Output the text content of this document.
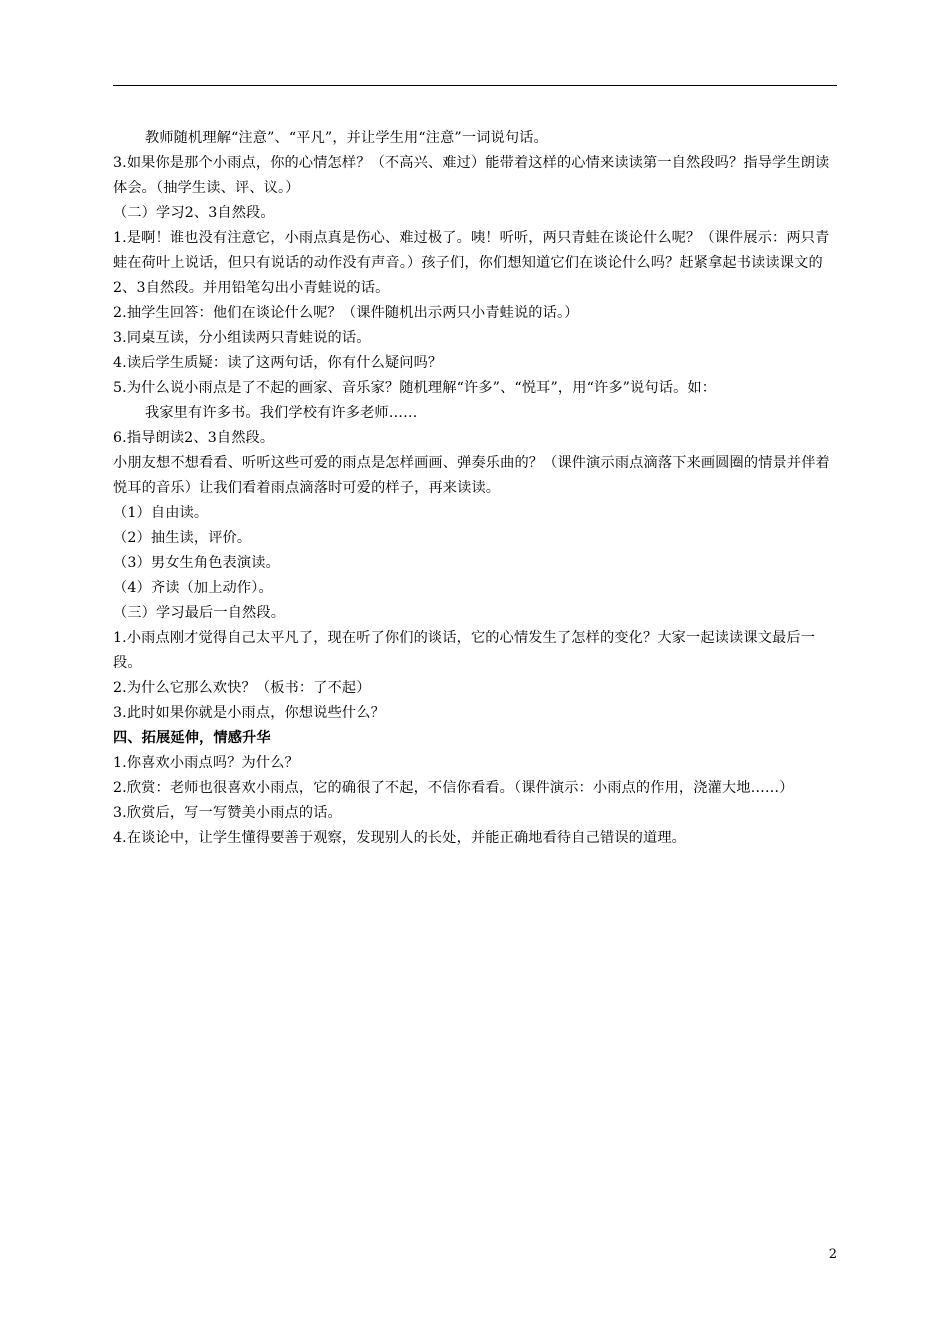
教师随机理解“注意”、“平凡”，并让学生用“注意”一词说句话。

3.如果你是那个小雨点，你的心情怎样？（不高兴、难过）能带着这样的心情来读读第一自然段吗？指导学生朗读体会。（抽学生读、评、议。）

（二）学习2、3自然段。

1.是啊！谁也没有注意它，小雨点真是伤心、难过极了。咦！听听，两只青蛙在谈论什么呢？（课件展示：两只青蛙在荷叶上说话，但只有说话的动作没有声音。）孩子们，你们想知道它们在谈论什么吗？赶紧拿起书读读课文的2、3自然段。并用铅笔勾出小青蛙说的话。

2.抽学生回答：他们在谈论什么呢？（课件随机出示两只小青蛙说的话。）

3.同桌互读，分小组读两只青蛙说的话。

4.读后学生质疑：读了这两句话，你有什么疑问吗？

5.为什么说小雨点是了不起的画家、音乐家？随机理解“许多”、“悦耳”，用“许多”说句话。如：

我家里有许多书。我们学校有许多老师……

6.指导朗读2、3自然段。

小朋友想不想看看、听听这些可爱的雨点是怎样画画、弹奏乐曲的？（课件演示雨点滴落下来画圆圈的情景并伴着悦耳的音乐）让我们看着雨点滴落时可爱的样子，再来读读。

（1）自由读。

（2）抽生读，评价。

（3）男女生角色表演读。

（4）齐读（加上动作）。

（三）学习最后一自然段。

1.小雨点刚才觉得自己太平凡了，现在听了你们的谈话，它的心情发生了怎样的变化？大家一起读读课文最后一段。

2.为什么它那么欢快？（板书：了不起）

3.此时如果你就是小雨点，你想说些什么？

四、拓展延伸，情感升华

1.你喜欢小雨点吗？为什么？

2.欣赏：老师也很喜欢小雨点，它的确很了不起，不信你看看。（课件演示：小雨点的作用，浇灌大地……）

3.欣赏后，写一写赞美小雨点的话。

4.在谈论中，让学生懂得要善于观察，发现别人的长处，并能正确地看待自己错误的道理。

2
